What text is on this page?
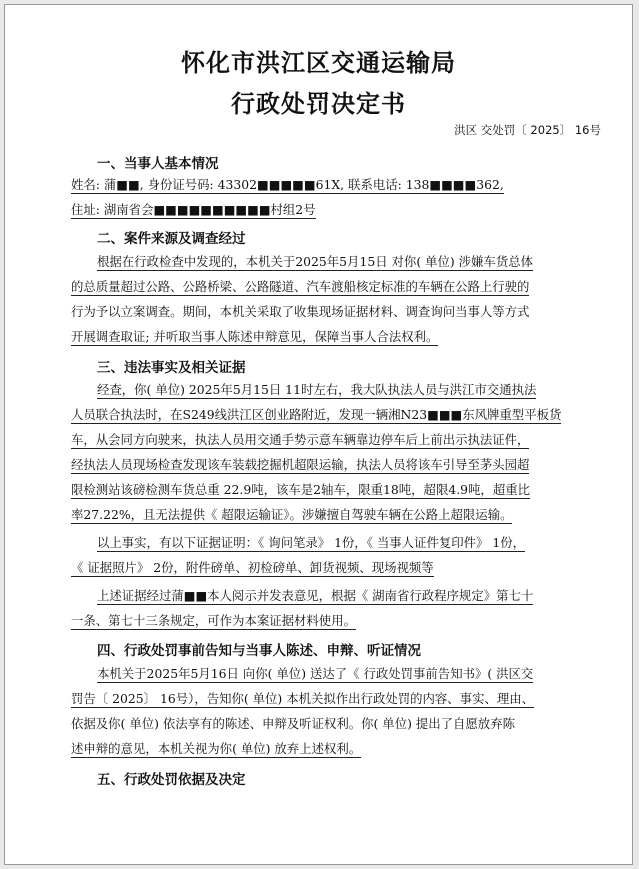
怀化市洪江区交通运输局
行政处罚决定书
洪区 交处罚〔 2025〕 16号
一、当事人基本情况
姓名: 蒲■■, 身份证号码: 43302■■■■■61X, 联系电话: 138■■■■362,
住址: 湖南省会■■■■■■■■■■村组2号
二、案件来源及调查经过
根据在行政检查中发现的，本机关于2025年5月15日 对你( 单位) 涉嫌车货总体
的总质量超过公路、公路桥梁、公路隧道、汽车渡船核定标准的车辆在公路上行驶的
行为予以立案调查。期间，本机关采取了收集现场证据材料、调查询问当事人等方式
开展调查取证; 并听取当事人陈述申辩意见，保障当事人合法权利。
三、违法事实及相关证据
经查，你( 单位) 2025年5月15日 11时左右，我大队执法人员与洪江市交通执法
人员联合执法时，在S249线洪江区创业路附近，发现一辆湘N23■■■东风牌重型平板货
车，从会同方向驶来，执法人员用交通手势示意车辆靠边停车后上前出示执法证件，
经执法人员现场检查发现该车装载挖掘机超限运输，执法人员将该车引导至茅头园超
限检测站该磅检测车货总重 22.9吨，该车是2轴车，限重18吨，超限4.9吨，超重比
率27.22%，且无法提供《 超限运输证》。涉嫌擅自驾驶车辆在公路上超限运输。
以上事实，有以下证据证明：《 询问笔录》 1份，《 当事人证件复印件》 1份，
《 证据照片》 2份，附件磅单、初检磅单、卸货视频、现场视频等
上述证据经过蒲■■本人阅示并发表意见，根据《 湖南省行政程序规定》第七十
一条、第七十三条规定，可作为本案证据材料使用。
四、行政处罚事前告知与当事人陈述、申辩、听证情况
本机关于2025年5月16日 向你( 单位) 送达了《 行政处罚事前告知书》( 洪区交
罚告〔 2025〕 16号），告知你( 单位) 本机关拟作出行政处罚的内容、事实、理由、
依据及你( 单位) 依法享有的陈述、申辩及听证权利。你( 单位) 提出了自愿放弃陈
述申辩的意见，本机关视为你( 单位) 放弃上述权利。
五、行政处罚依据及决定
